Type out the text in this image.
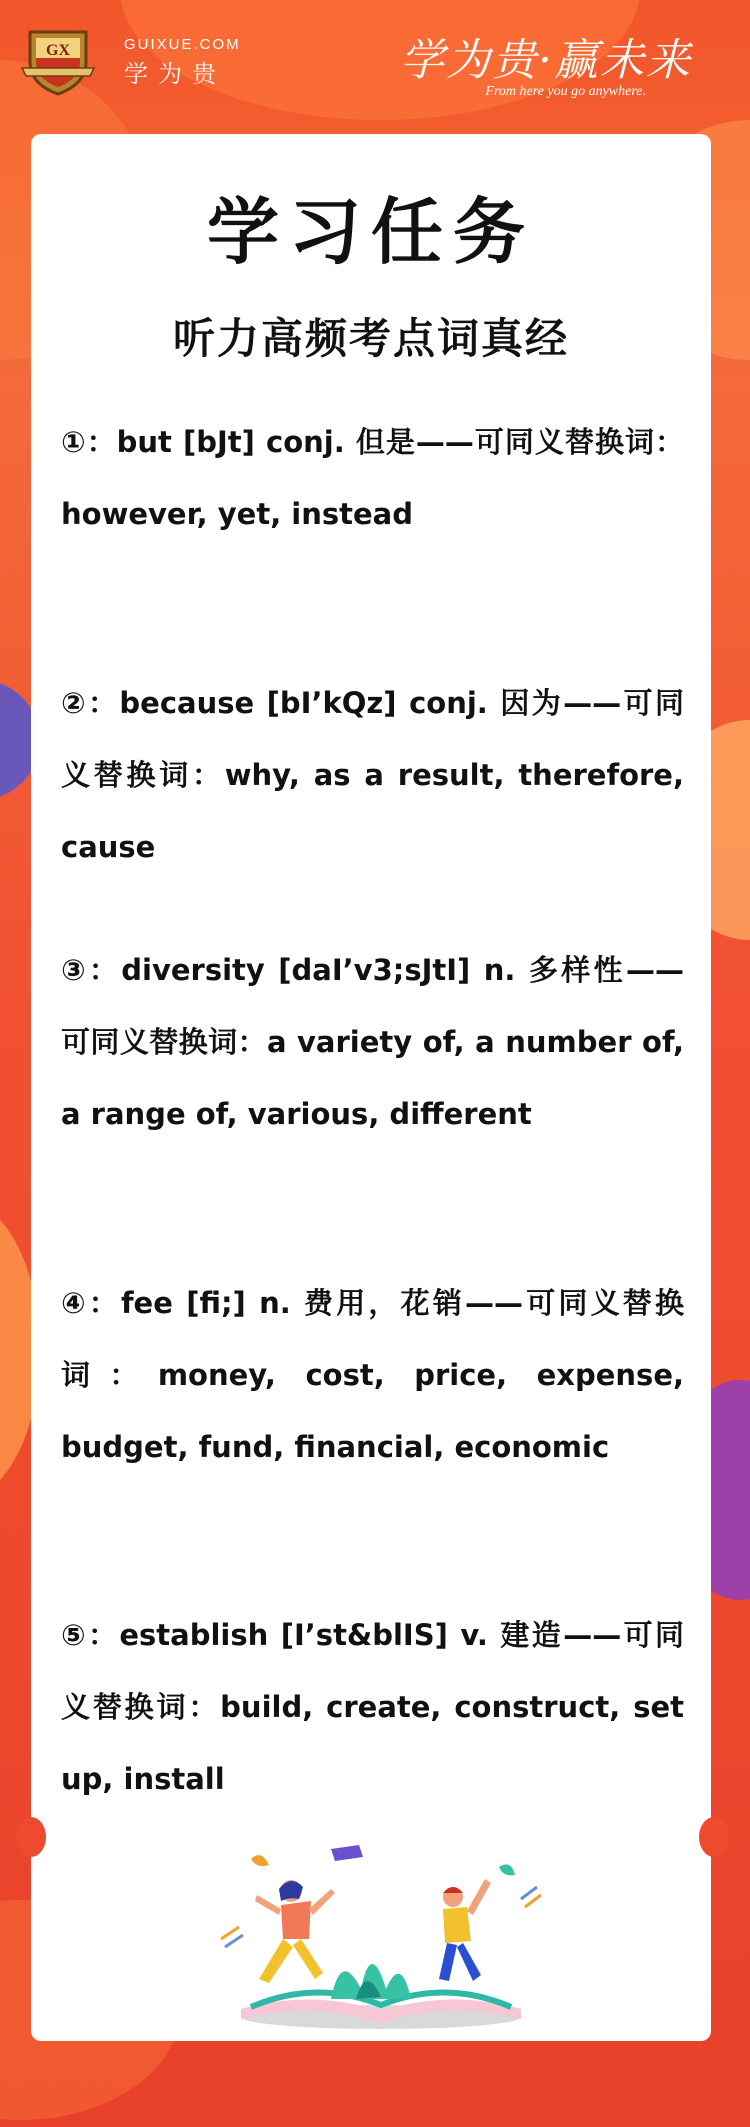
GX	GUIXUE.COM
学为贵	学为贵·赢未来
From here you go anywhere.
学习任务
听力高频考点词真经
①：but [bJt] conj. 但是——可同义替换词：however, yet, instead
②：because [bI’kQz] conj. 因为——可同义替换词：why, as a result, therefore, cause
③：diversity [daI’v3;sJtI] n. 多样性——可同义替换词：a variety of, a number of, a range of, various, different
④：fee [fi;] n. 费用，花销——可同义替换词：money, cost, price, expense, budget, fund, financial, economic
⑤：establish [I’st&blIS] v. 建造——可同义替换词：build, create, construct, set up, install
